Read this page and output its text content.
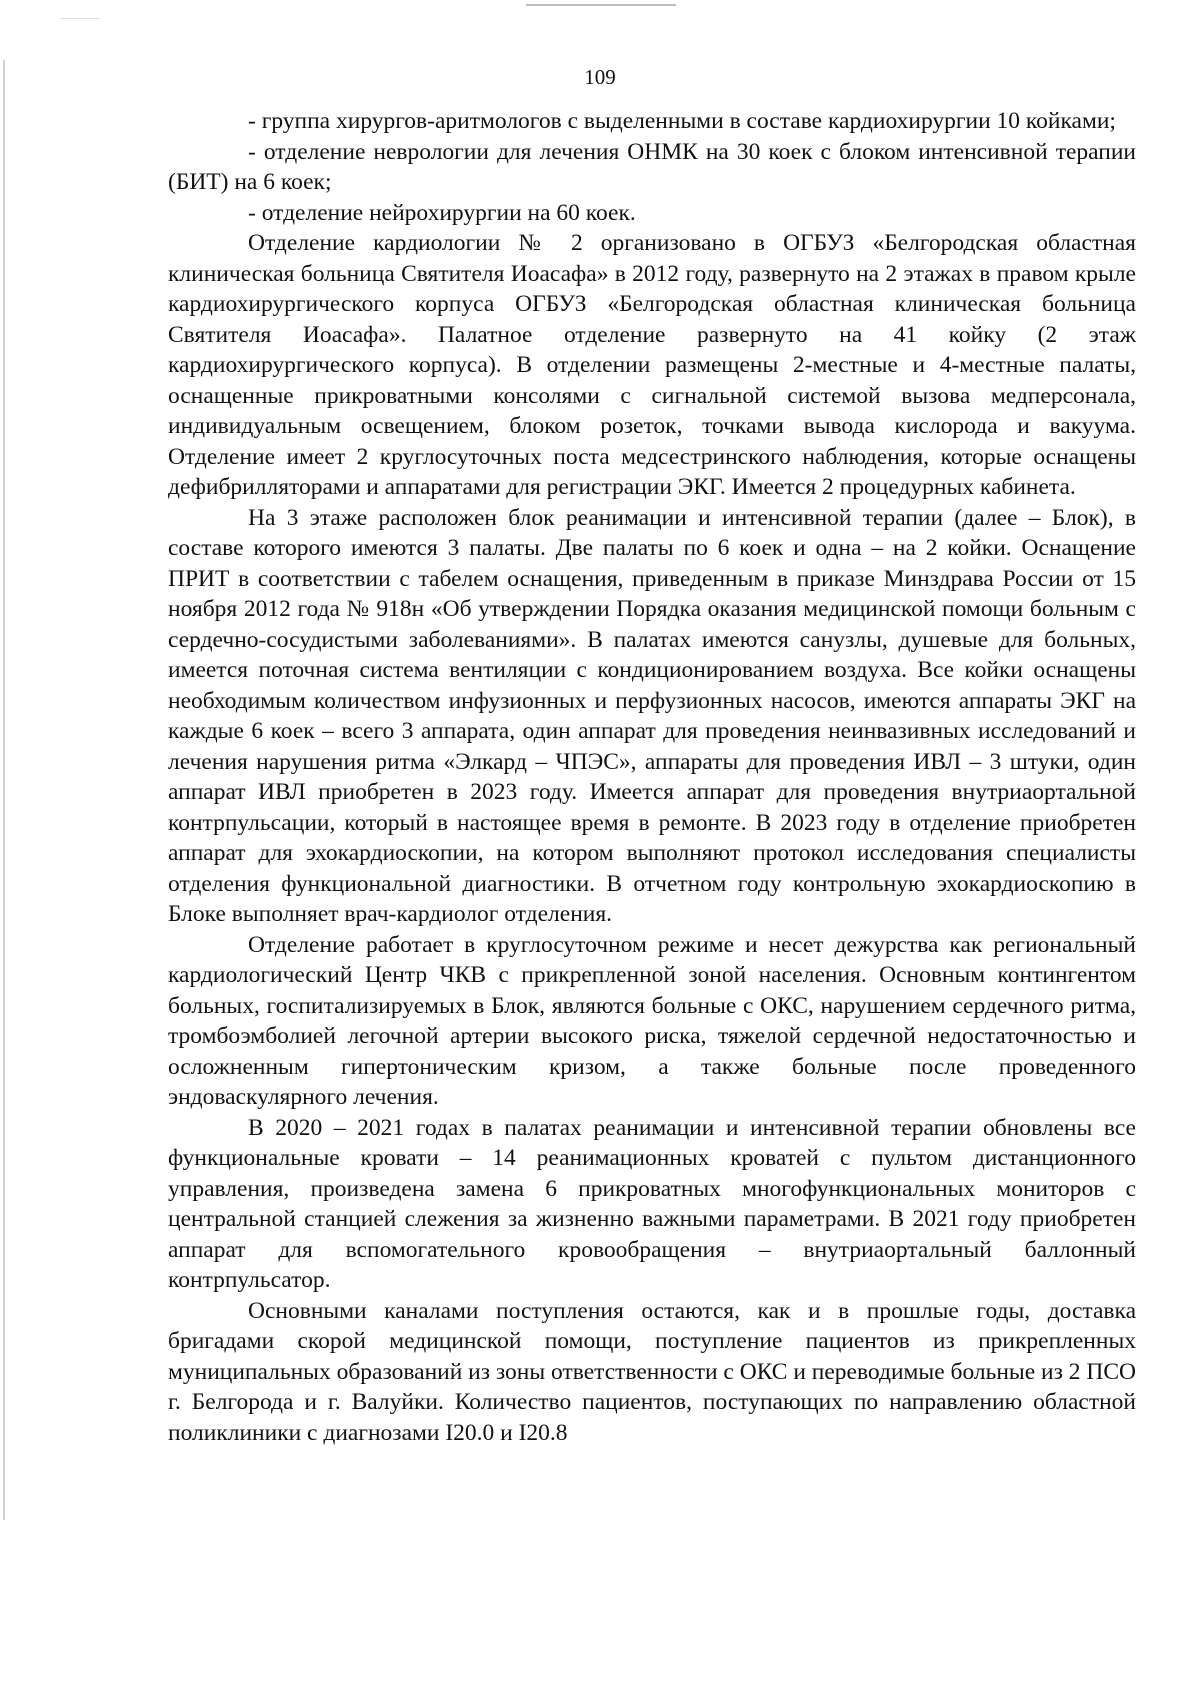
109

- группа хирургов-аритмологов с выделенными в составе кардиохирургии 10 койками;

- отделение неврологии для лечения ОНМК на 30 коек с блоком интенсивной терапии (БИТ) на 6 коек;

- отделение нейрохирургии на 60 коек.

Отделение кардиологии № 2 организовано в ОГБУЗ «Белгородская областная клиническая больница Святителя Иоасафа» в 2012 году, развернуто на 2 этажах в правом крыле кардиохирургического корпуса ОГБУЗ «Белгородская областная клиническая больница Святителя Иоасафа». Палатное отделение развернуто на 41 койку (2 этаж кардиохирургического корпуса). В отделении размещены 2-местные и 4-местные палаты, оснащенные прикроватными консолями с сигнальной системой вызова медперсонала, индивидуальным освещением, блоком розеток, точками вывода кислорода и вакуума. Отделение имеет 2 круглосуточных поста медсестринского наблюдения, которые оснащены дефибрилляторами и аппаратами для регистрации ЭКГ. Имеется 2 процедурных кабинета.

На 3 этаже расположен блок реанимации и интенсивной терапии (далее – Блок), в составе которого имеются 3 палаты. Две палаты по 6 коек и одна – на 2 койки. Оснащение ПРИТ в соответствии с табелем оснащения, приведенным в приказе Минздрава России от 15 ноября 2012 года № 918н «Об утверждении Порядка оказания медицинской помощи больным с сердечно-сосудистыми заболеваниями». В палатах имеются санузлы, душевые для больных, имеется поточная система вентиляции с кондиционированием воздуха. Все койки оснащены необходимым количеством инфузионных и перфузионных насосов, имеются аппараты ЭКГ на каждые 6 коек – всего 3 аппарата, один аппарат для проведения неинвазивных исследований и лечения нарушения ритма «Элкард – ЧПЭС», аппараты для проведения ИВЛ – 3 штуки, один аппарат ИВЛ приобретен в 2023 году. Имеется аппарат для проведения внутриаортальной контрпульсации, который в настоящее время в ремонте. В 2023 году в отделение приобретен аппарат для эхокардиоскопии, на котором выполняют протокол исследования специалисты отделения функциональной диагностики. В отчетном году контрольную эхокардиоскопию в Блоке выполняет врач-кардиолог отделения.

Отделение работает в круглосуточном режиме и несет дежурства как региональный кардиологический Центр ЧКВ с прикрепленной зоной населения. Основным контингентом больных, госпитализируемых в Блок, являются больные с ОКС, нарушением сердечного ритма, тромбоэмболией легочной артерии высокого риска, тяжелой сердечной недостаточностью и осложненным гипертоническим кризом, а также больные после проведенного эндоваскулярного лечения.

В 2020 – 2021 годах в палатах реанимации и интенсивной терапии обновлены все функциональные кровати – 14 реанимационных кроватей с пультом дистанционного управления, произведена замена 6 прикроватных многофункциональных мониторов с центральной станцией слежения за жизненно важными параметрами. В 2021 году приобретен аппарат для вспомогательного кровообращения – внутриаортальный баллонный контрпульсатор.

Основными каналами поступления остаются, как и в прошлые годы, доставка бригадами скорой медицинской помощи, поступление пациентов из прикрепленных муниципальных образований из зоны ответственности с ОКС и переводимые больные из 2 ПСО г. Белгорода и г. Валуйки. Количество пациентов, поступающих по направлению областной поликлиники с диагнозами I20.0 и I20.8
